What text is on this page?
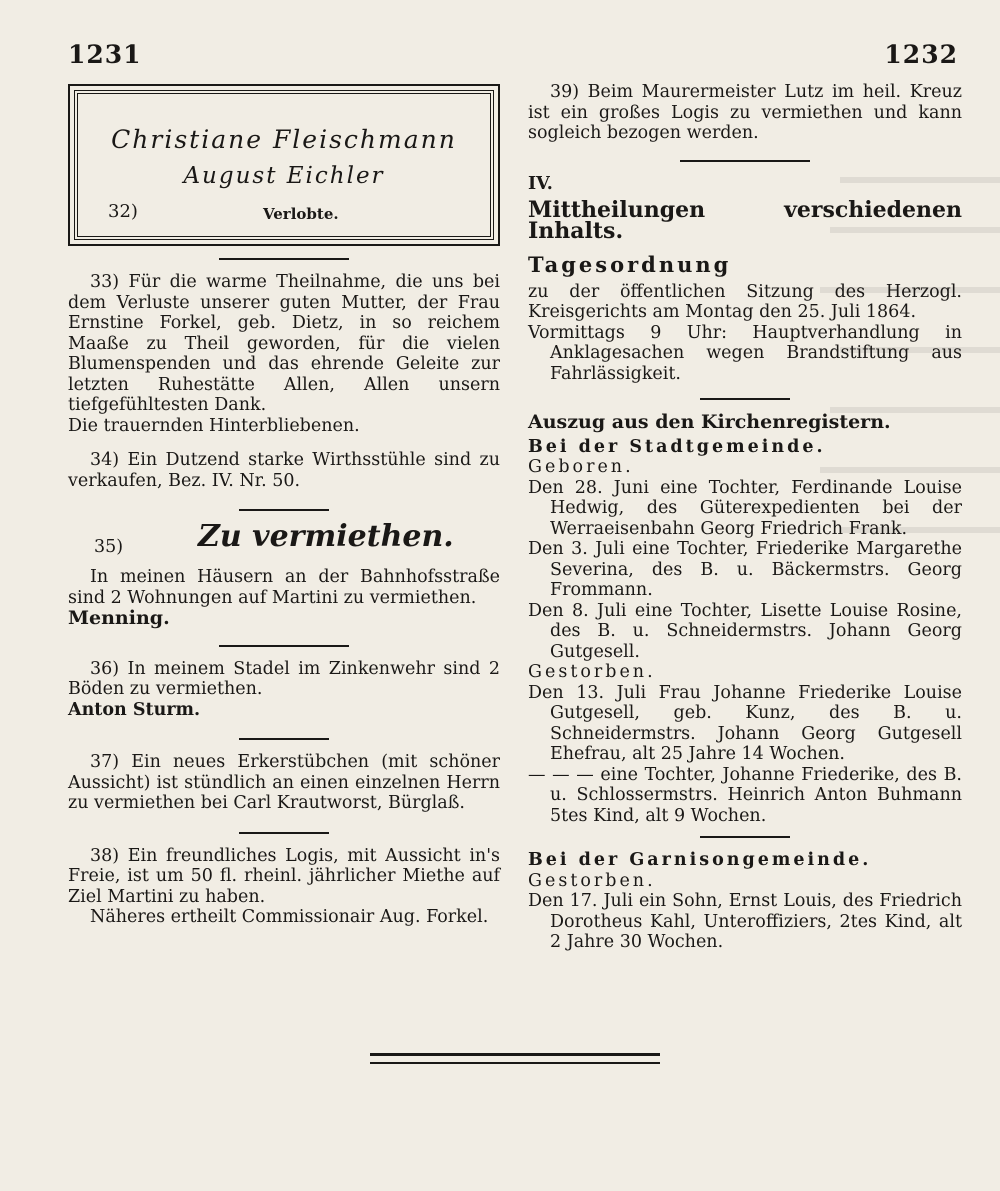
1231	1232
Christiane Fleischmann
August Eichler
32)	Verlobte.

33) Für die warme Theilnahme, die uns bei dem Verluste unserer guten Mutter, der Frau Ernstine Forkel, geb. Dietz, in so reichem Maaße zu Theil geworden, für die vielen Blumenspenden und das ehrende Geleite zur letzten Ruhestätte Allen, Allen unsern tiefgefühltesten Dank.

Die trauernden Hinterbliebenen.

34) Ein Dutzend starke Wirthsstühle sind zu verkaufen, Bez. IV. Nr. 50.

35) Zu vermiethen.

In meinen Häusern an der Bahnhofsstraße sind 2 Wohnungen auf Martini zu vermiethen.

Menning.

36) In meinem Stadel im Zinkenwehr sind 2 Böden zu vermiethen.

Anton Sturm.

37) Ein neues Erkerstübchen (mit schöner Aussicht) ist stündlich an einen einzelnen Herrn zu vermiethen bei Carl Krautworst, Bürglaß.

38) Ein freundliches Logis, mit Aussicht in's Freie, ist um 50 fl. rheinl. jährlicher Miethe auf Ziel Martini zu haben.

Näheres ertheilt Commissionair Aug. Forkel.

39) Beim Maurermeister Lutz im heil. Kreuz ist ein großes Logis zu vermiethen und kann sogleich bezogen werden.

IV.

Mittheilungen verschiedenen Inhalts.

Tagesordnung

zu der öffentlichen Sitzung des Herzogl. Kreisgerichts am Montag den 25. Juli 1864.

Vormittags 9 Uhr: Hauptverhandlung in Anklagesachen wegen Brandstiftung aus Fahrlässigkeit.

Auszug aus den Kirchenregistern.

Bei der Stadtgemeinde.

Geboren.

Den 28. Juni eine Tochter, Ferdinande Louise Hedwig, des Güterexpedienten bei der Werraeisenbahn Georg Friedrich Frank.

Den 3. Juli eine Tochter, Friederike Margarethe Severina, des B. u. Bäckermstrs. Georg Frommann.

Den 8. Juli eine Tochter, Lisette Louise Rosine, des B. u. Schneidermstrs. Johann Georg Gutgesell.

Gestorben.

Den 13. Juli Frau Johanne Friederike Louise Gutgesell, geb. Kunz, des B. u. Schneidermstrs. Johann Georg Gutgesell Ehefrau, alt 25 Jahre 14 Wochen.

— — — eine Tochter, Johanne Friederike, des B. u. Schlossermstrs. Heinrich Anton Buhmann 5tes Kind, alt 9 Wochen.

Bei der Garnisongemeinde.

Gestorben.

Den 17. Juli ein Sohn, Ernst Louis, des Friedrich Dorotheus Kahl, Unteroffiziers, 2tes Kind, alt 2 Jahre 30 Wochen.
